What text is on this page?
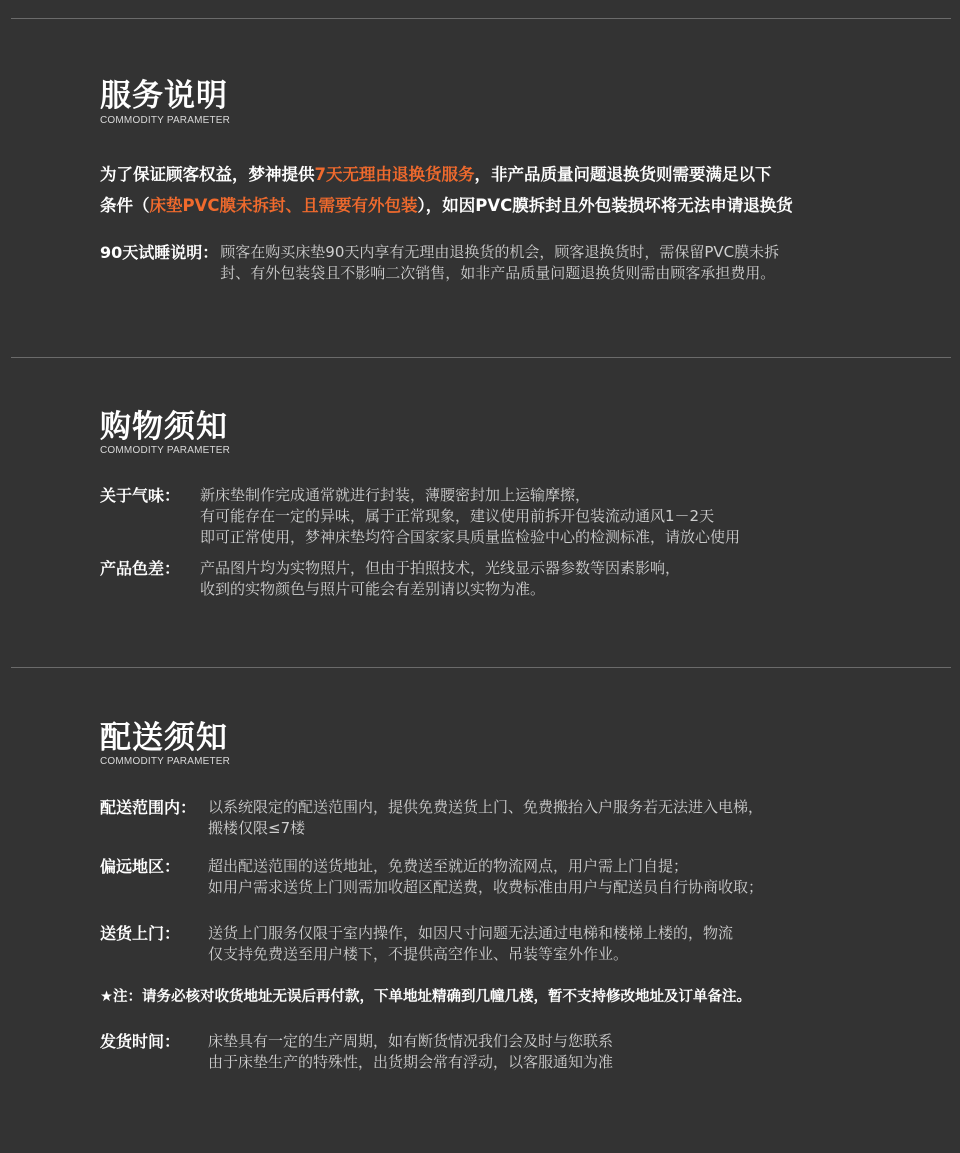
服务说明
COMMODITY PARAMETER
为了保证顾客权益，梦神提供7天无理由退换货服务，非产品质量问题退换货则需要满足以下
条件（床垫PVC膜未拆封、且需要有外包装），如因PVC膜拆封且外包装损坏将无法申请退换货
90天试睡说明： 顾客在购买床垫90天内享有无理由退换货的机会，顾客退换货时，需保留PVC膜未拆
封、有外包装袋且不影响二次销售，如非产品质量问题退换货则需由顾客承担费用。
购物须知
COMMODITY PARAMETER
关于气味：	新床垫制作完成通常就进行封装，薄腰密封加上运输摩擦，
有可能存在一定的异味，属于正常现象，建议使用前拆开包装流动通风1－2天
即可正常使用，梦神床垫均符合国家家具质量监检验中心的检测标准，请放心使用
产品色差：	产品图片均为实物照片，但由于拍照技术，光线显示器参数等因素影响，
收到的实物颜色与照片可能会有差别请以实物为准。
配送须知
COMMODITY PARAMETER
配送范围内： 以系统限定的配送范围内，提供免费送货上门、免费搬抬入户服务若无法进入电梯，
搬楼仅限≤7楼
偏远地区：	超出配送范围的送货地址，免费送至就近的物流网点，用户需上门自提；
如用户需求送货上门则需加收超区配送费，收费标准由用户与配送员自行协商收取；
送货上门：	送货上门服务仅限于室内操作，如因尺寸问题无法通过电梯和楼梯上楼的，物流
仅支持免费送至用户楼下，不提供高空作业、吊装等室外作业。
★注：请务必核对收货地址无误后再付款，下单地址精确到几幢几楼，暂不支持修改地址及订单备注。
发货时间：	床垫具有一定的生产周期，如有断货情况我们会及时与您联系
由于床垫生产的特殊性，出货期会常有浮动，以客服通知为准
